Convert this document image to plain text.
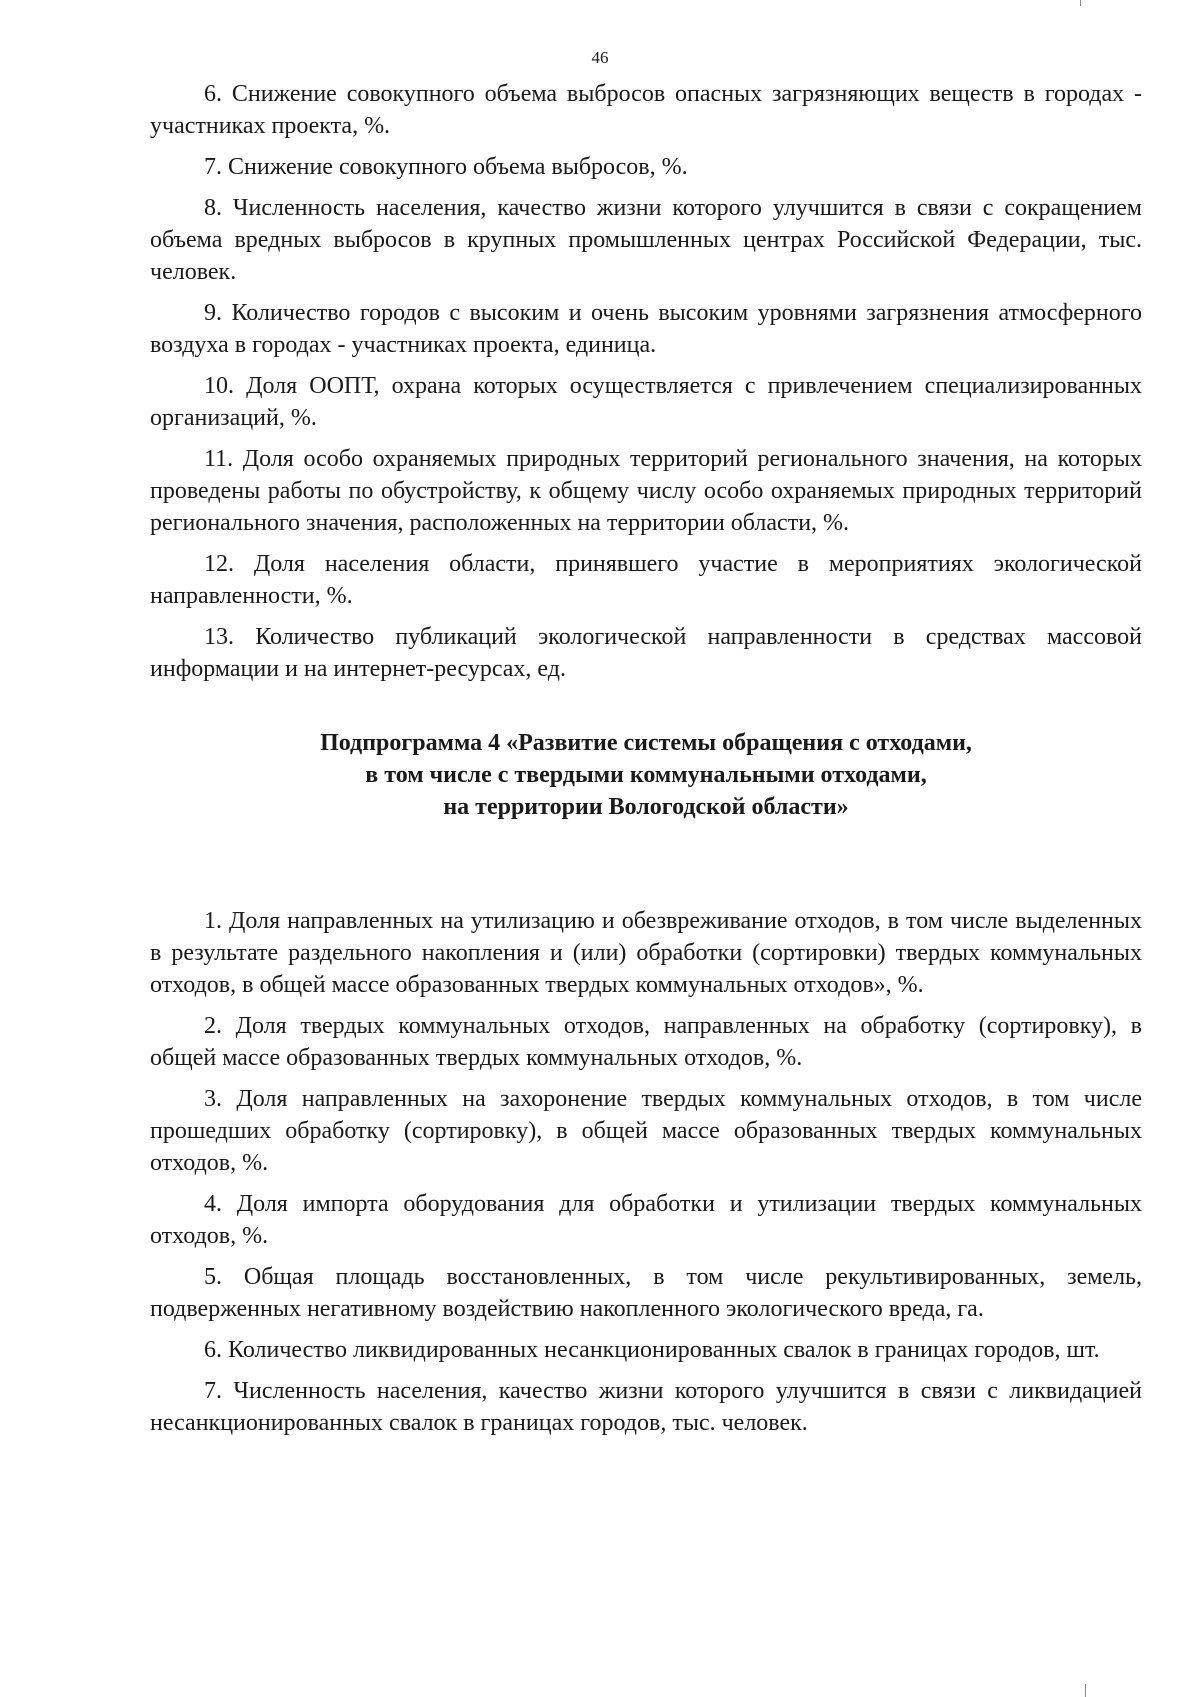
46

6. Снижение совокупного объема выбросов опасных загрязняющих веществ в городах - участниках проекта, %.

7. Снижение совокупного объема выбросов, %.

8. Численность населения, качество жизни которого улучшится в связи с сокращением объема вредных выбросов в крупных промышленных центрах Российской Федерации, тыс. человек.

9. Количество городов с высоким и очень высоким уровнями загрязнения атмосферного воздуха в городах - участниках проекта, единица.

10. Доля ООПТ, охрана которых осуществляется с привлечением специализированных организаций, %.

11. Доля особо охраняемых природных территорий регионального значения, на которых проведены работы по обустройству, к общему числу особо охраняемых природных территорий регионального значения, расположенных на территории области, %.

12. Доля населения области, принявшего участие в мероприятиях экологической направленности, %.

13. Количество публикаций экологической направленности в средствах массовой информации и на интернет-ресурсах, ед.

Подпрограмма 4 «Развитие системы обращения с отходами,
в том числе с твердыми коммунальными отходами,
на территории Вологодской области»

1. Доля направленных на утилизацию и обезвреживание отходов, в том числе выделенных в результате раздельного накопления и (или) обработки (сортировки) твердых коммунальных отходов, в общей массе образованных твердых коммунальных отходов», %.

2. Доля твердых коммунальных отходов, направленных на обработку (сортировку), в общей массе образованных твердых коммунальных отходов, %.

3. Доля направленных на захоронение твердых коммунальных отходов, в том числе прошедших обработку (сортировку), в общей массе образованных твердых коммунальных отходов, %.

4. Доля импорта оборудования для обработки и утилизации твердых коммунальных отходов, %.

5. Общая площадь восстановленных, в том числе рекультивированных, земель, подверженных негативному воздействию накопленного экологического вреда, га.

6. Количество ликвидированных несанкционированных свалок в границах городов, шт.

7. Численность населения, качество жизни которого улучшится в связи с ликвидацией несанкционированных свалок в границах городов, тыс. человек.
